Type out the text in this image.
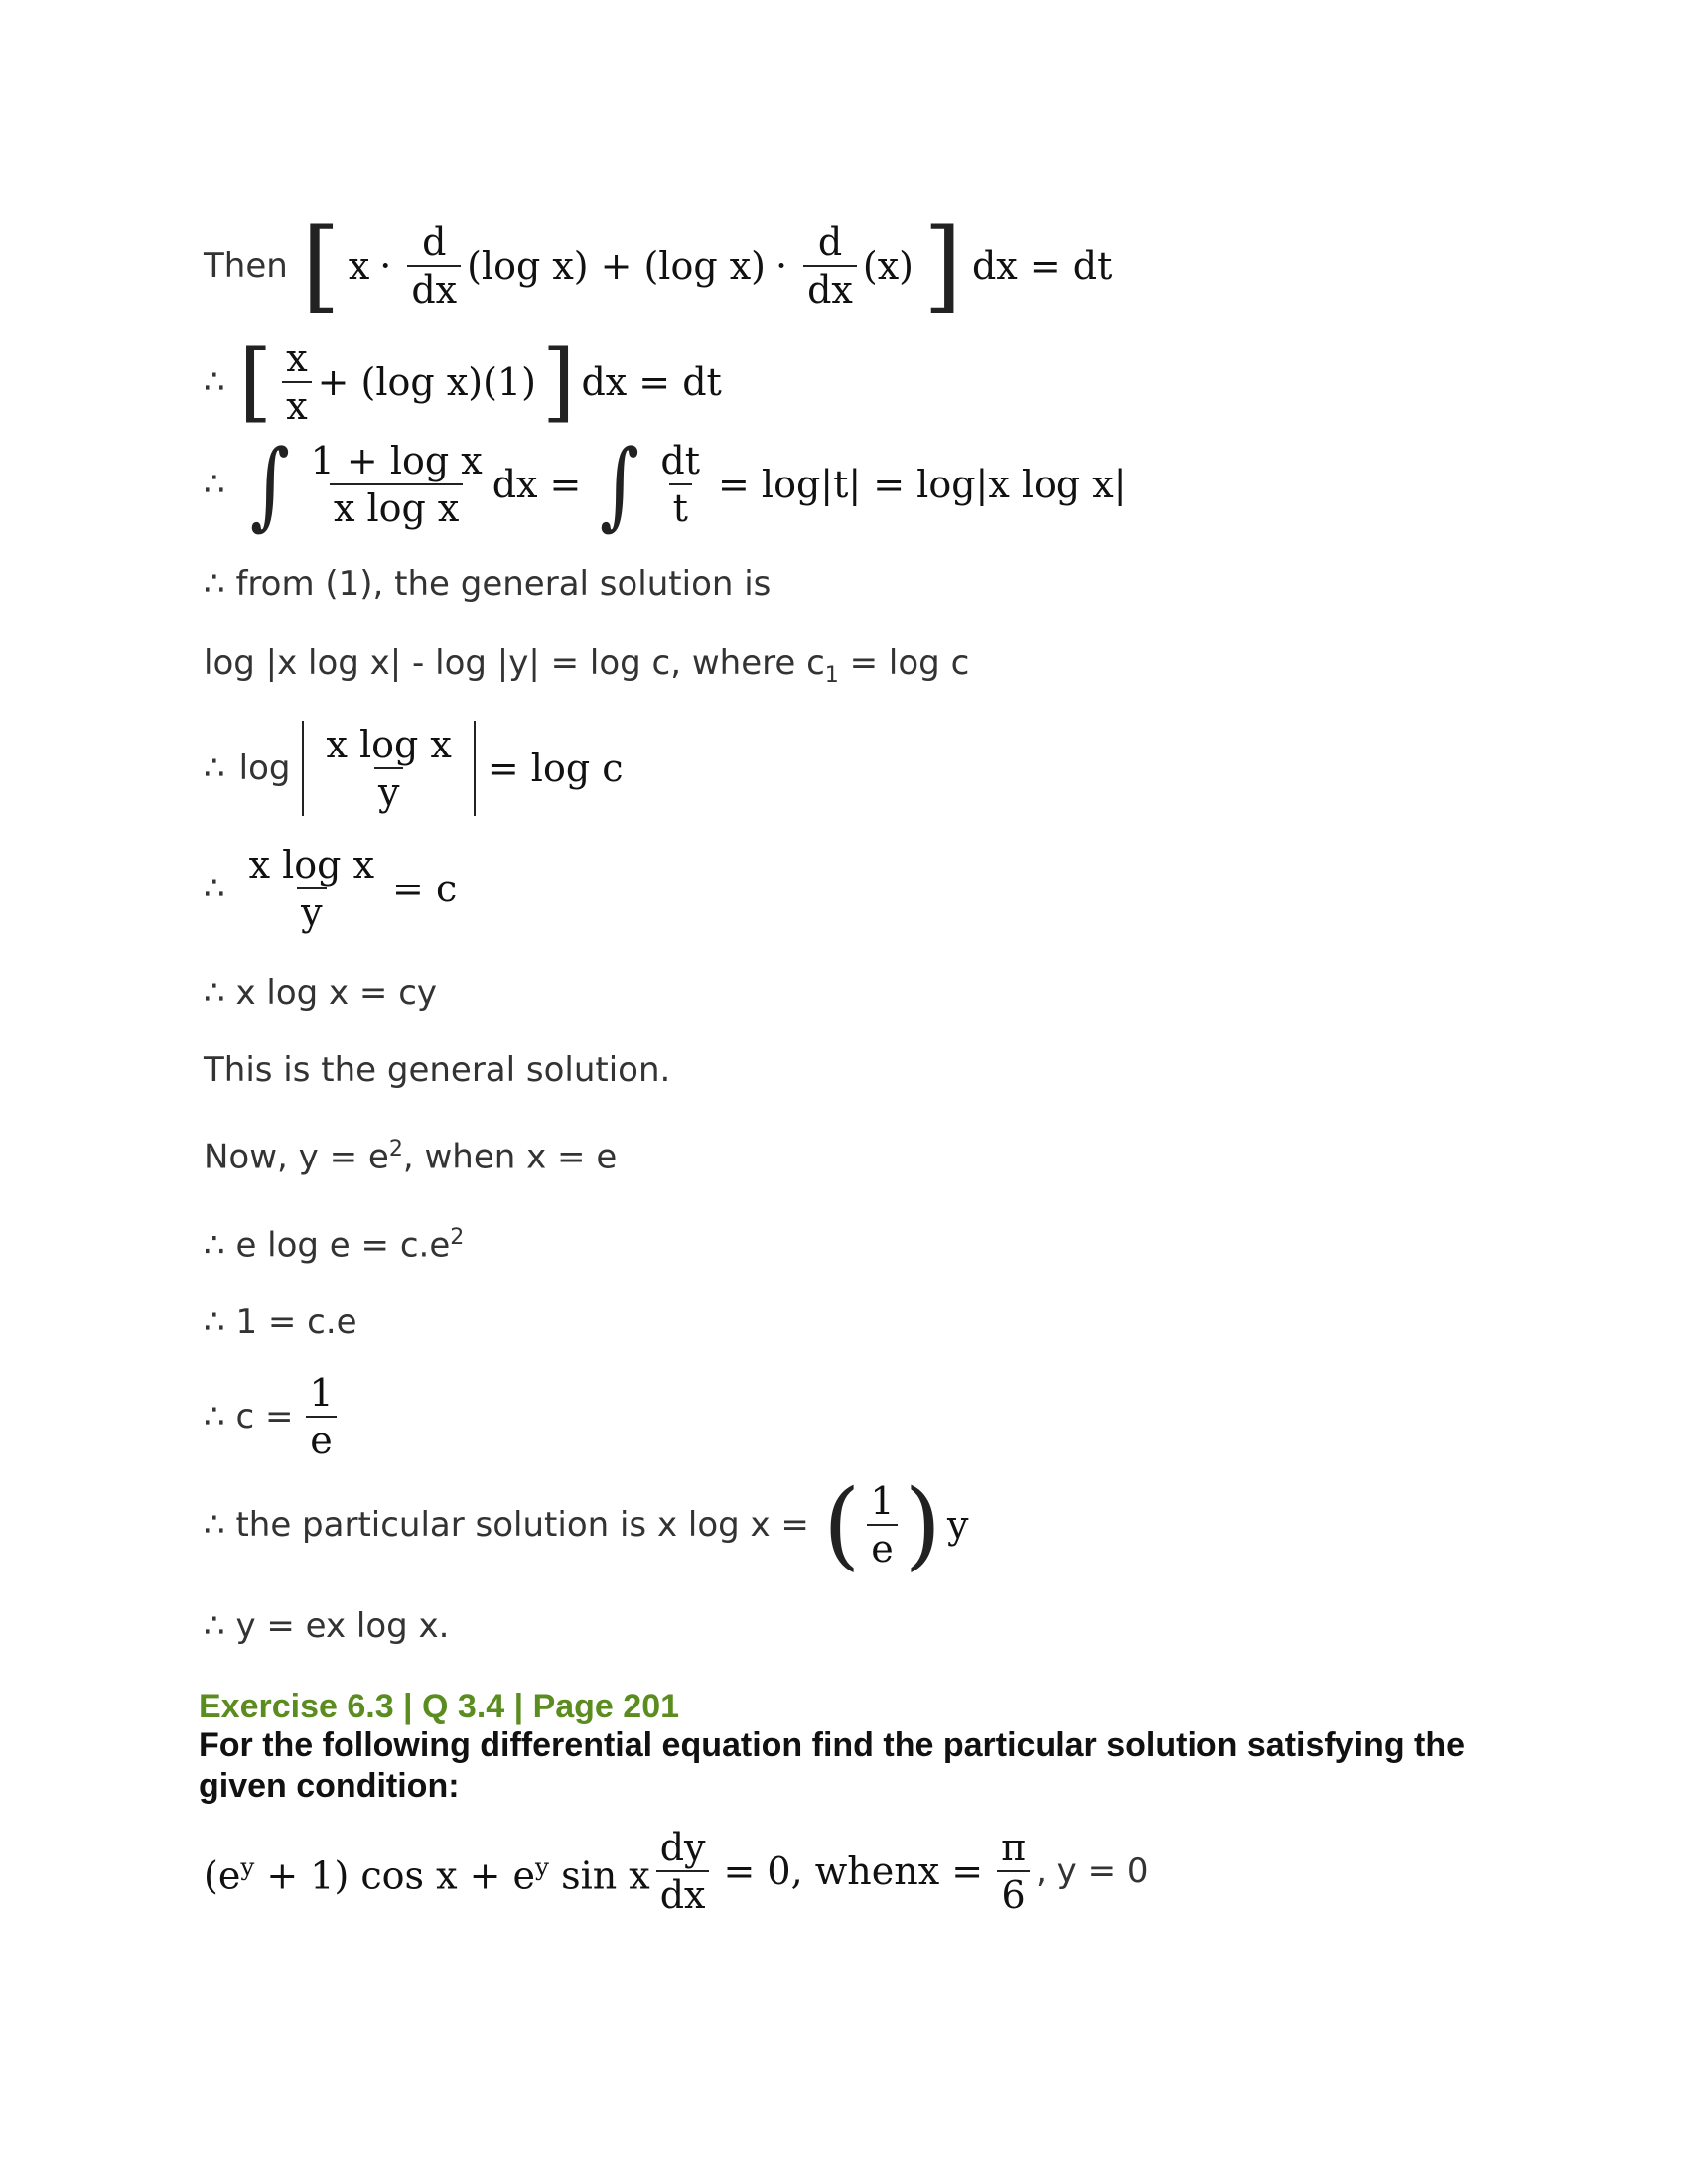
Then [ $x \cdot \frac{d}{dx} (\log$ x) + (log $x) \cdot \frac{d}{dx} (x)$ ] dx = dt
∴ [ $\frac{x}{x} + (\log$ x)(1) ] dx = dt
∴ ∫ $\frac{\text{1 + log x}}{\text{x log x}}$ dx = ∫ $\frac{dt}{t} = \log|t| = \log|x$ log x|
∴ from (1), the general solution is
log |x log x| - log |y| = log c, where $c_1 = \log c$
∴ $\log \frac{\text{x log x}}{y} = \log c$
∴ $\frac{\text{x log x}}{y} = c$
∴ x log x = cy
This is the general solution.
Now, $y = e^2$, when x = e
∴ e $\log e = c.e^2$
∴ 1 = c.e
∴ $c = \frac{1}{e}$
∴ the particular solution is x log x = ( $\frac{1}{e}$ ) y
∴ y = ex log x.
Exercise 6.3 | Q 3.4 | Page 201
For the following differential equation find the particular solution satisfying the given condition:
$(e^y + 1)$ $\cos x + e^y$ sin x $\frac{dy}{dx} = 0$, whenx = $\frac{\pi}{6}$ , y = 0
